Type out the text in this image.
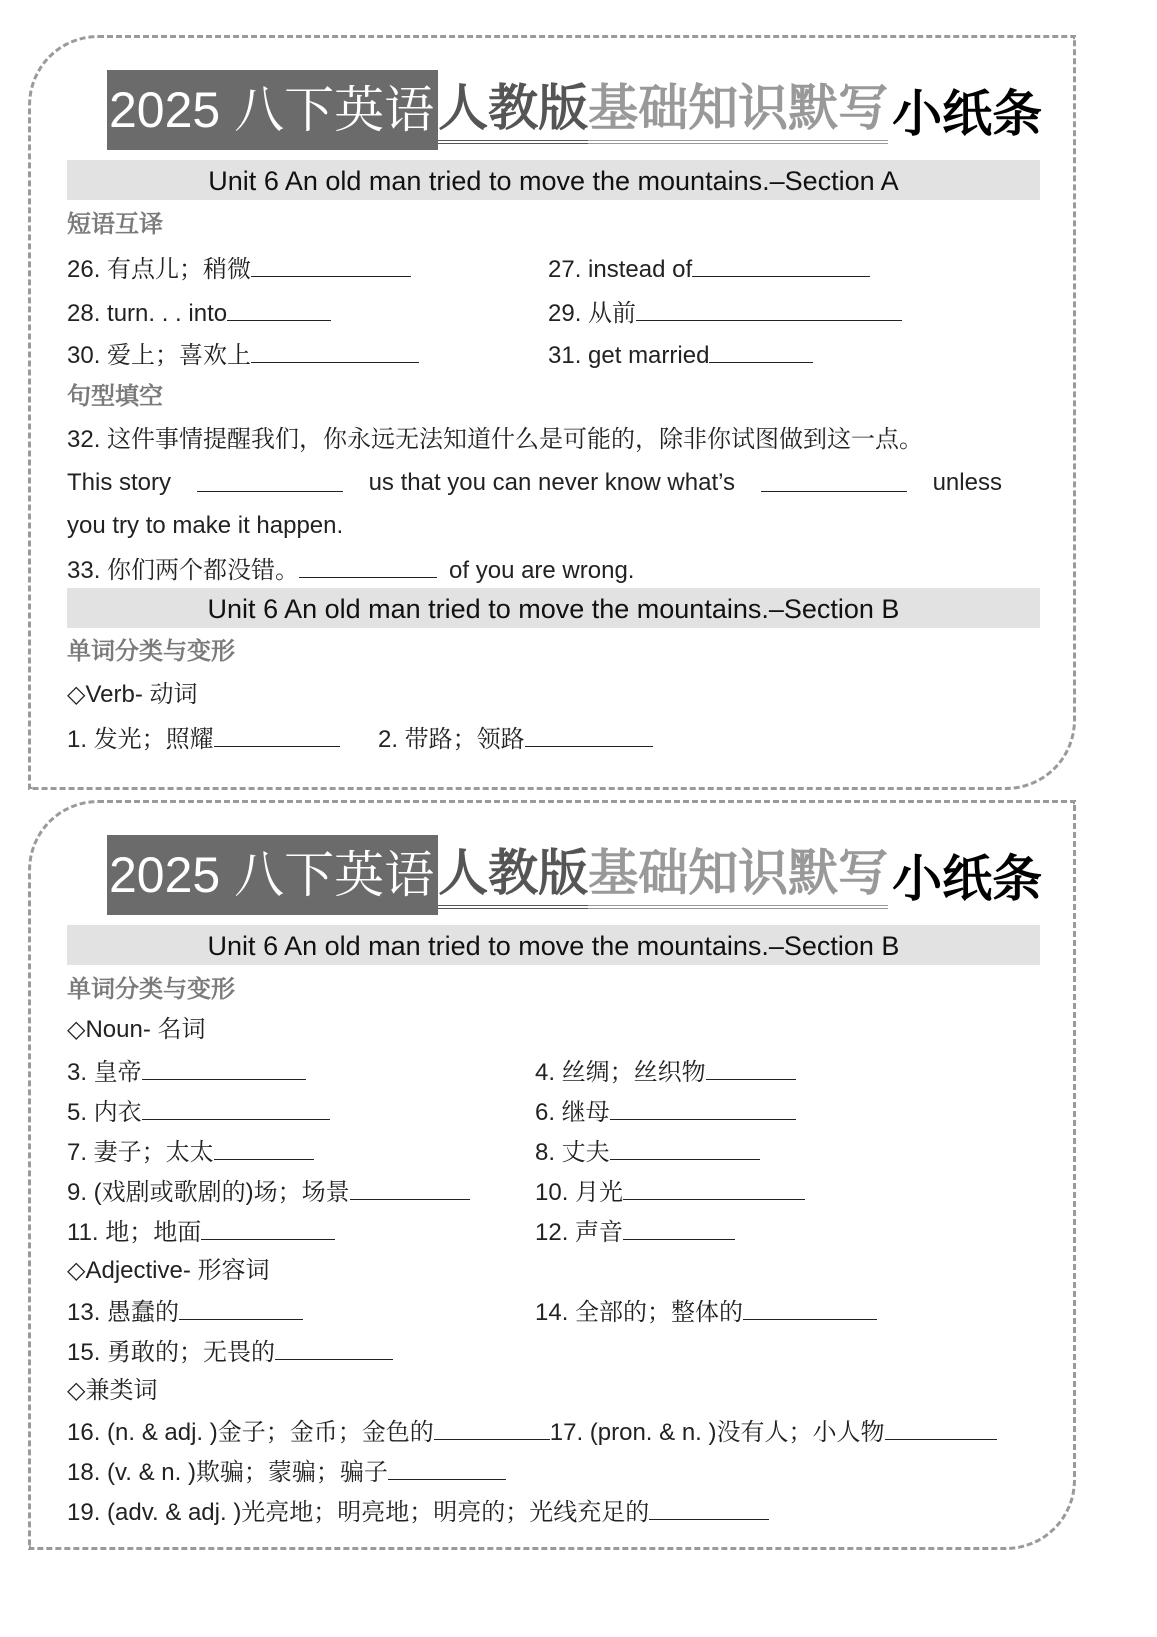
2025 八下英语 人教版 基础知识默写 小纸条
Unit 6 An old man tried to move the mountains.–Section A
短语互译
26. 有点儿；稍微	27. instead of
28. turn. . . into	29. 从前
30. 爱上；喜欢上	31. get married
句型填空
32. 这件事情提醒我们，你永远无法知道什么是可能的，除非你试图做到这一点。
This story	us that you can never know what’s	unless
you try to make it happen.
33. 你们两个都没错。	of you are wrong.
Unit 6 An old man tried to move the mountains.–Section B
单词分类与变形
◇Verb- 动词
1. 发光；照耀	2. 带路；领路
2025 八下英语 人教版 基础知识默写 小纸条
Unit 6 An old man tried to move the mountains.–Section B
单词分类与变形
◇Noun- 名词
3. 皇帝	4. 丝绸；丝织物
5. 内衣	6. 继母
7. 妻子；太太	8. 丈夫
9. (戏剧或歌剧的)场；场景	10. 月光
11. 地；地面	12. 声音
◇Adjective- 形容词
13. 愚蠢的	14. 全部的；整体的
15. 勇敢的；无畏的
◇兼类词
16. (n. & adj. )金子；金币；金色的	17. (pron. & n. )没有人；小人物
18. (v. & n. )欺骗；蒙骗；骗子
19. (adv. & adj. )光亮地；明亮地；明亮的；光线充足的
